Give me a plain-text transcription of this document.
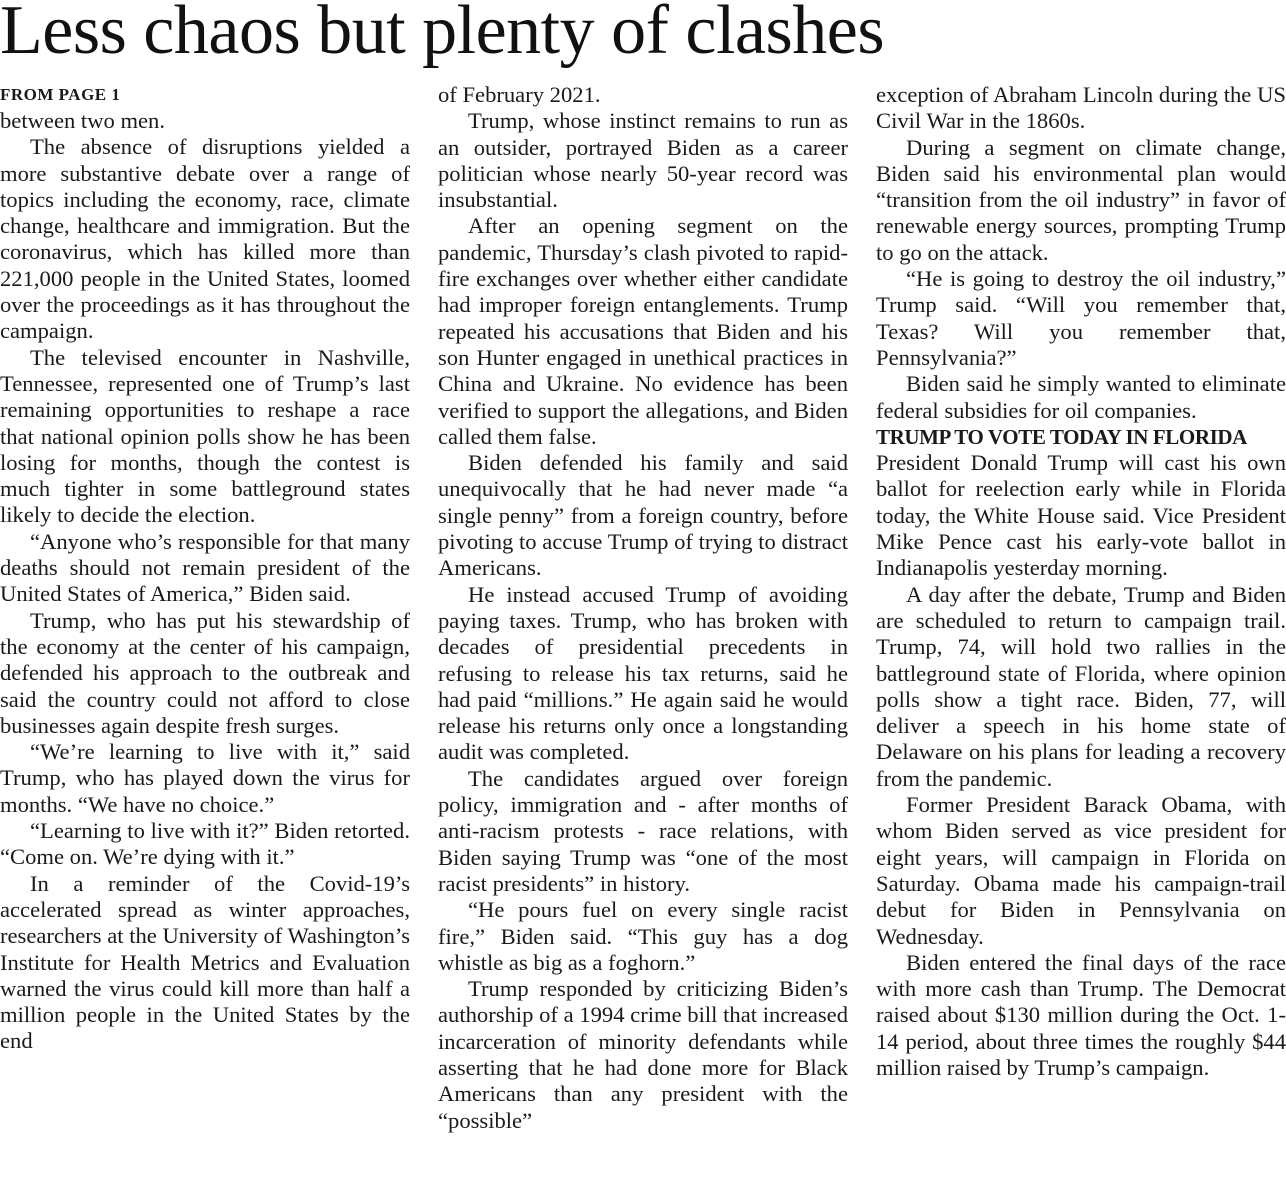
Less chaos but plenty of clashes
FROM PAGE 1

between two men.

The absence of disruptions yielded a more substantive debate over a range of topics including the economy, race, climate change, healthcare and immigration. But the coronavirus, which has killed more than 221,000 people in the United States, loomed over the proceedings as it has throughout the campaign.

The televised encounter in Nashville, Tennessee, represented one of Trump’s last remaining opportunities to reshape a race that national opinion polls show he has been losing for months, though the contest is much tighter in some battleground states likely to decide the election.

“Anyone who’s responsible for that many deaths should not remain president of the United States of America,” Biden said.

Trump, who has put his stewardship of the economy at the center of his campaign, defended his approach to the outbreak and said the country could not afford to close businesses again despite fresh surges.

“We’re learning to live with it,” said Trump, who has played down the virus for months. “We have no choice.”

“Learning to live with it?” Biden retorted. “Come on. We’re dying with it.”

In a reminder of the Covid-19’s accelerated spread as winter approaches, researchers at the University of Washington’s Institute for Health Metrics and Evaluation warned the virus could kill more than half a million people in the United States by the end

of February 2021.

Trump, whose instinct remains to run as an outsider, portrayed Biden as a career politician whose nearly 50-year record was insubstantial.

After an opening segment on the pandemic, Thursday’s clash pivoted to rapid-fire exchanges over whether either candidate had improper foreign entanglements. Trump repeated his accusations that Biden and his son Hunter engaged in unethical practices in China and Ukraine. No evidence has been verified to support the allegations, and Biden called them false.

Biden defended his family and said unequivocally that he had never made “a single penny” from a foreign country, before pivoting to accuse Trump of trying to distract Americans.

He instead accused Trump of avoiding paying taxes. Trump, who has broken with decades of presidential precedents in refusing to release his tax returns, said he had paid “millions.” He again said he would release his returns only once a longstanding audit was completed.

The candidates argued over foreign policy, immigration and - after months of anti-racism protests - race relations, with Biden saying Trump was “one of the most racist presidents” in history.

“He pours fuel on every single racist fire,” Biden said. “This guy has a dog whistle as big as a foghorn.”

Trump responded by criticizing Biden’s authorship of a 1994 crime bill that increased incarceration of minority defendants while asserting that he had done more for Black Americans than any president with the “possible”

exception of Abraham Lincoln during the US Civil War in the 1860s.

During a segment on climate change, Biden said his environmental plan would “transition from the oil industry” in favor of renewable energy sources, prompting Trump to go on the attack.

“He is going to destroy the oil industry,” Trump said. “Will you remember that, Texas? Will you remember that, Pennsylvania?”

Biden said he simply wanted to eliminate federal subsidies for oil companies.

TRUMP TO VOTE TODAY IN FLORIDA

President Donald Trump will cast his own ballot for reelection early while in Florida today, the White House said. Vice President Mike Pence cast his early-vote ballot in Indianapolis yesterday morning.

A day after the debate, Trump and Biden are scheduled to return to campaign trail. Trump, 74, will hold two rallies in the battleground state of Florida, where opinion polls show a tight race. Biden, 77, will deliver a speech in his home state of Delaware on his plans for leading a recovery from the pandemic.

Former President Barack Obama, with whom Biden served as vice president for eight years, will campaign in Florida on Saturday. Obama made his campaign-trail debut for Biden in Pennsylvania on Wednesday.

Biden entered the final days of the race with more cash than Trump. The Democrat raised about $130 million during the Oct. 1-14 period, about three times the roughly $44 million raised by Trump’s campaign.
